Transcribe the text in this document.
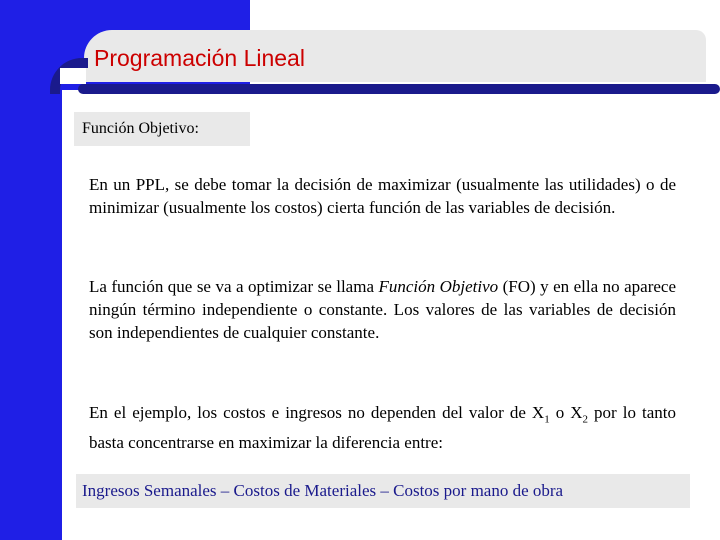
Programación Lineal
Función Objetivo:

En un PPL, se debe tomar la decisión de maximizar (usualmente las utilidades) o de minimizar (usualmente los costos) cierta función de las variables de decisión.

La función que se va a optimizar se llama Función Objetivo (FO) y en ella no aparece ningún término independiente o constante. Los valores de las variables de decisión son independientes de cualquier constante.

En el ejemplo, los costos e ingresos no dependen del valor de $X_1$ o $X_2$ por lo tanto basta concentrarse en maximizar la diferencia entre:

Ingresos Semanales – Costos de Materiales – Costos por mano de obra
